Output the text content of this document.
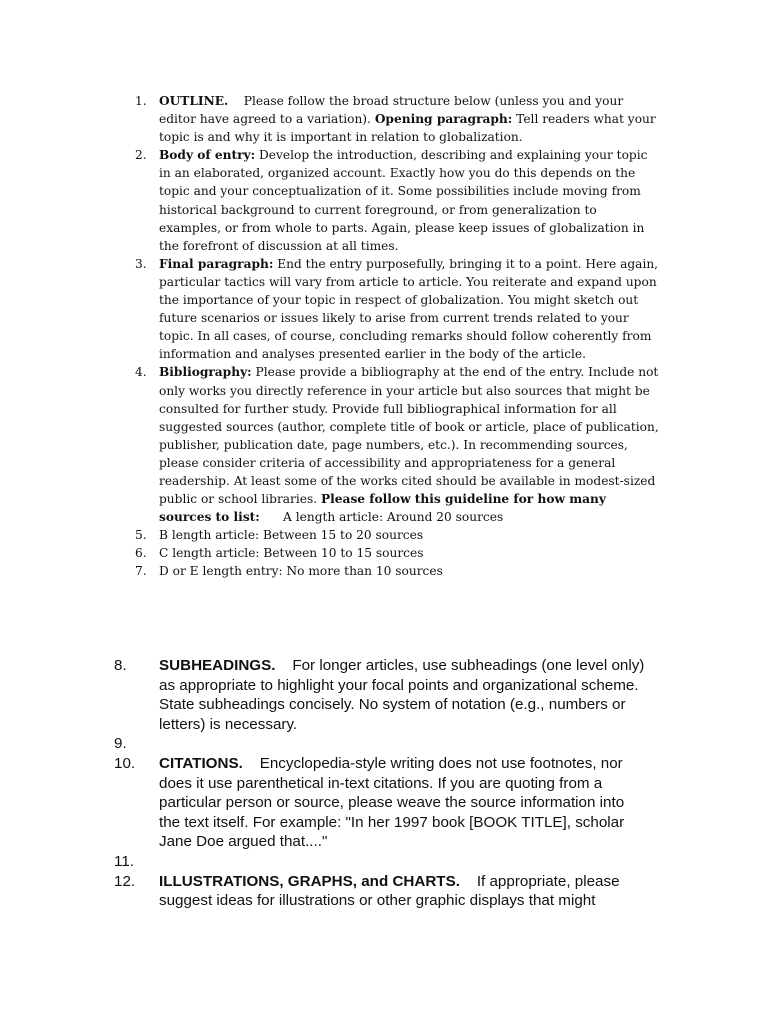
1. OUTLINE.    Please follow the broad structure below (unless you and your editor have agreed to a variation). Opening paragraph: Tell readers what your topic is and why it is important in relation to globalization.
2. Body of entry: Develop the introduction, describing and explaining your topic in an elaborated, organized account. Exactly how you do this depends on the topic and your conceptualization of it. Some possibilities include moving from historical background to current foreground, or from generalization to examples, or from whole to parts. Again, please keep issues of globalization in the forefront of discussion at all times.
3. Final paragraph: End the entry purposefully, bringing it to a point. Here again, particular tactics will vary from article to article. You reiterate and expand upon the importance of your topic in respect of globalization. You might sketch out future scenarios or issues likely to arise from current trends related to your topic. In all cases, of course, concluding remarks should follow coherently from information and analyses presented earlier in the body of the article.
4. Bibliography: Please provide a bibliography at the end of the entry. Include not only works you directly reference in your article but also sources that might be consulted for further study. Provide full bibliographical information for all suggested sources (author, complete title of book or article, place of publication, publisher, publication date, page numbers, etc.). In recommending sources, please consider criteria of accessibility and appropriateness for a general readership. At least some of the works cited should be available in modest-sized public or school libraries. Please follow this guideline for how many sources to list:      A length article: Around 20 sources
5. B length article: Between 15 to 20 sources
6. C length article: Between 10 to 15 sources
7. D or E length entry: No more than 10 sources
8. SUBHEADINGS.    For longer articles, use subheadings (one level only) as appropriate to highlight your focal points and organizational scheme. State subheadings concisely. No system of notation (e.g., numbers or letters) is necessary.
9.

10. CITATIONS.    Encyclopedia-style writing does not use footnotes, nor does it use parenthetical in-text citations. If you are quoting from a particular person or source, please weave the source information into the text itself. For example: "In her 1997 book [BOOK TITLE], scholar Jane Doe argued that...."
11.

12. ILLUSTRATIONS, GRAPHS, and CHARTS.    If appropriate, please suggest ideas for illustrations or other graphic displays that might
